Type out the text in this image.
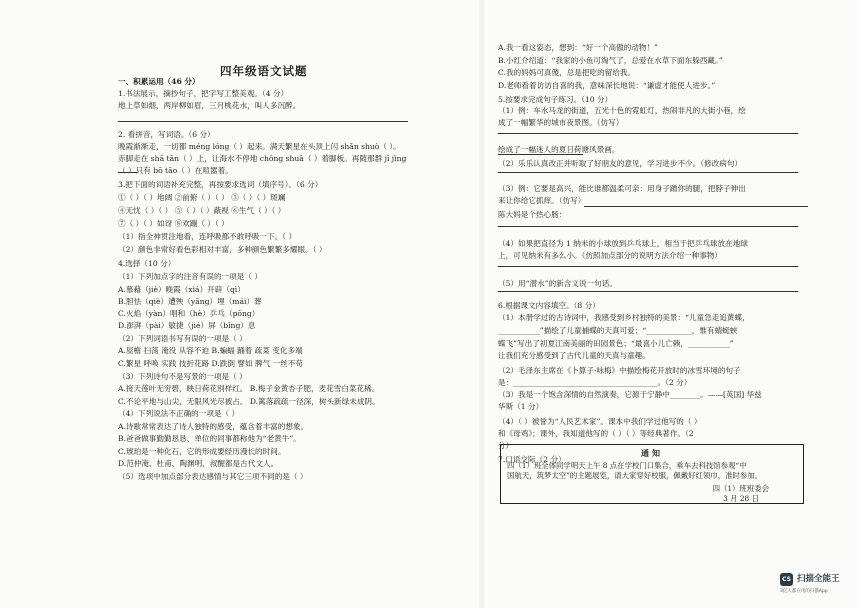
四年级语文试题
一、积累运用（46 分）
1.书法展示，摘抄句子，把字写工整美观。（4 分）
地上草如烟，两岸柳如眉，三月桃花水，叫人多沉醉。
2. 看拼音，写词语。（6 分）
晚霞渐渐走，一切都 méng lóng（ ）起来。满天繁星在头顶上闪 shǎn shuò（ ）。
赤脚走在 shā tān（ ）上，让海水不停地 chōng shuā（ ）着脚板。再随那群 jī jìng
（ ）只有 bō tāo（ ）在喧嚣着。
3.把下面的词语补充完整，再按要求选词（填序号）。（6 分）
①（ ）（ ）地阔 ②前俯（ ）（ ） ③（ ）（ ）斑斓
④无忧（ ）（ ） ⑤（ ）（ ）蔽视 ⑥生气（ ）（ ）
⑦（ ）（ ）如讶 ⑧欢蹦（ ）（ ）
（1）指全神贯注地看，连呼吸都不敢呼吸一下。（ ）
（2）颜色非常好看色彩相对丰富，多种颜色繁繁多耀眼。（ ）
4.选择（10 分）
（1）下列加点字的注音有误的一项是（ ）
A.慕藉（jiè）晚霞（xiá）开辟（qì）
B.胆怯（qiè）遭殃（yāng）埋（mái）葬
C.火焰（yàn）唱和（hè）乒乓（pōng）
D.澎湃（pài）敏捷（jié）屏（bǐng）息
（2）下列词语书写有误的一项是（ ）
A.屋檐 扫荡 淹没 从容不迫 B.蝙蝠 踊着 疏菜 变化多端
C.繁星 呼唤 实践 技折花路 D.跌倒 譬如 脾气 一丝不苟
（3）下列诗句不是写景的一项是（ ）
A.接天莲叶无穷碧，映日荷花别样红。 B.梅子金黄杏子肥，麦花雪白菜花稀。
C.不论平地与山尖，无限风光尽被占。 D.篱落疏疏一径深，树头新绿未成阴。
（4）下列说法不正确的一项是（ ）
A.诗歌常常表达了诗人独特的感受，蕴含着丰富的想象。
B.爸爸做事勤勤恳恳，单位的同事都称他为“老黄牛”。
C.琥珀是一种化石，它的形成要经历漫长的时间。
D.范仲淹、杜甫、陶渊明、叔醒都是古代文人。
（5）选项中加点部分表达感情与其它三项不同的是（ ）
A.我一看这姿态，想到：“好一个高傲的动物！”
B.小红介绍道：“我家的小鱼可淘气了，总爱在水草下面东躲西藏。”
C.我的妈妈可真傻，总是把吃的留给我。
D.老师看着访访自喜的我，意味深长地说：“谦虚才能使人进步。”
5.按要求完成句子练习。（10 分）
（1）例：车水马龙的街道，五光十色的霓虹灯，热闹非凡的大街小巷，绘
成了一幅繁华的城市夜景图。（仿写）
绘成了一幅迷人的夏日荷塘风景画。
（2）乐乐认真改正并听取了好朋友的意见，学习进步不少。（修改病句）
（3）例：它要是高兴，能比谁都温柔可亲：用身子蹭你的腿，把脖子伸出
来让你给它抓痒。（仿写）
陈大妈是个热心肠：
（4）如果把直径为 1 纳米的小球放到乒乓球上，相当于把乒乓球放在地球
上，可见纳米有多么小。（仿照加点部分的说明方法介绍一种事物）
（5）用“潜水”的新含义说一句话。
6.根据课文内容填空。（8 分）
（1）本册学过的古诗词中，我感受到乡村独特的美景：“儿童急走追黄蝶，
___________”描绘了儿童捕蝶的天真可爱；“____________，惟有蜻蜓蛱
蝶飞”写出了初夏江南美丽的田园景色；“最喜小儿亡赖，___________”
让我们充分感受到了古代儿童的天真与童趣。
（2）毛泽东主席在《卜算子·咏梅》中描绘梅花开放时的冰雪环境的句子
是：______________________________________。（2 分）
（3）我是一个饱含深情的自然演奏，它源于宁静中________。——[英国] 华兹
华斯（1 分）
（4）（ ）被誉为“人民艺术家”。课本中我们学过他写的（ ）
和《母鸡》；课外，我知道他写的（ ）（ ）等经典著作。（2
分）
7.口语交际（2 分）
通知
四（1）班全体同学明天上午 8 点在学校门口集合，乘车去科技馆参观“中
国航天，筑梦太空”的主题展览，请大家穿好校服，佩戴好红领巾，准时参加。
四（1）班班委会
3 月 28 日
CS 扫描全能王
3亿人都在用的扫描App
